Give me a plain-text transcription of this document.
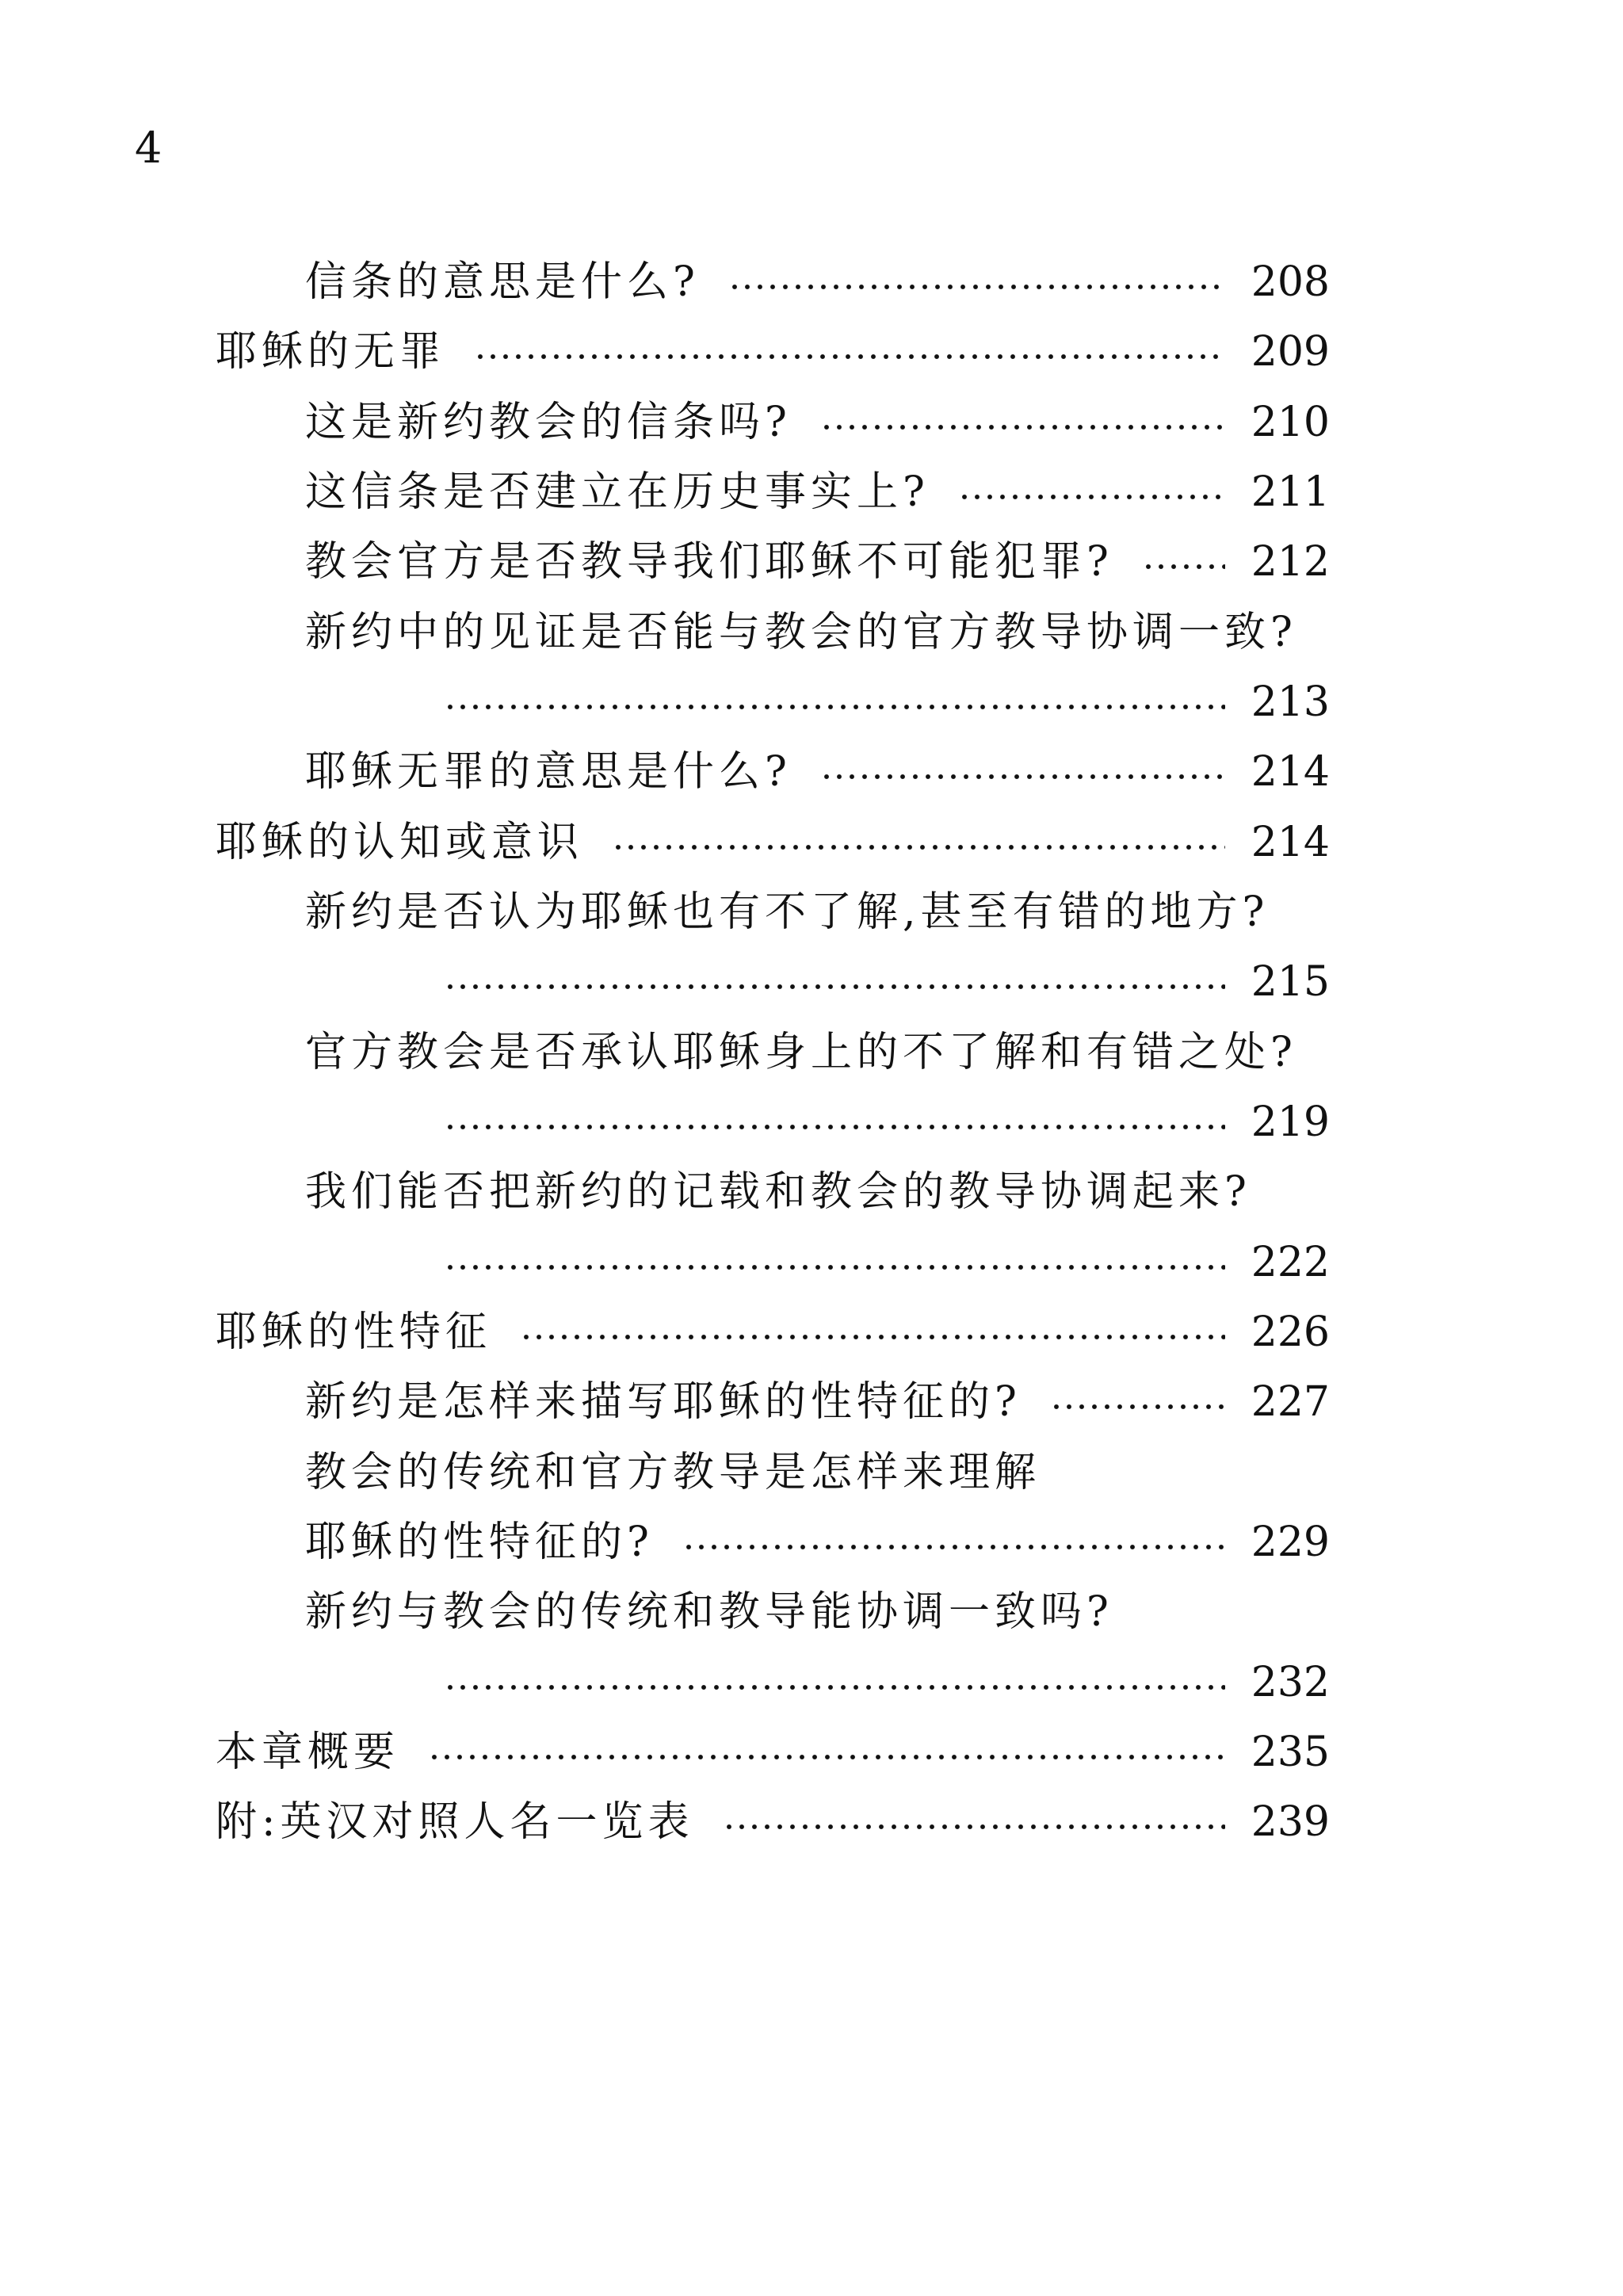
4
信条的意思是什么?	208
耶稣的无罪	209
这是新约教会的信条吗?	210
这信条是否建立在历史事实上?	211
教会官方是否教导我们耶稣不可能犯罪?	212
新约中的见证是否能与教会的官方教导协调一致?
213
耶稣无罪的意思是什么?	214
耶稣的认知或意识	214
新约是否认为耶稣也有不了解,甚至有错的地方?
215
官方教会是否承认耶稣身上的不了解和有错之处?
219
我们能否把新约的记载和教会的教导协调起来?
222
耶稣的性特征	226
新约是怎样来描写耶稣的性特征的?	227
教会的传统和官方教导是怎样来理解
耶稣的性特征的?	229
新约与教会的传统和教导能协调一致吗?
232
本章概要	235
附:英汉对照人名一览表	239
